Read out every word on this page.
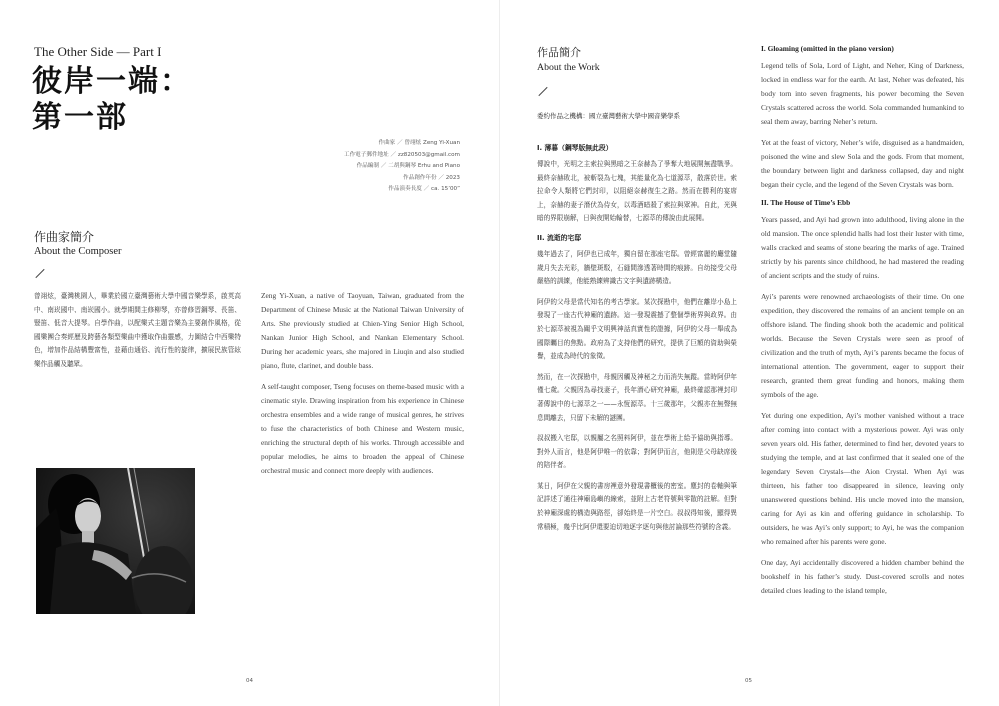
The Other Side — Part I
彼岸一端：
第一部
作曲家 ／ 曾翊炫 Zeng Yi-Xuan
工作電子郵件地址 ／ zz820503@gmail.com
作品編制 ／ 二胡與鋼琴 Erhu and Piano
作品創作年份 ／ 2023
作品演奏長度 ／ ca. 15’00”
作曲家簡介
About the Composer
曾翊炫，臺灣桃園人，畢業於國立臺灣藝術大學中國音樂學系，啟英高中、南崁國中、南崁國小。就學期間主修柳琴，亦曾修習鋼琴、長笛、豎笛、低音大提琴。自學作曲，以配樂式主題音樂為主要創作風格，從國樂團合奏經歷及跨藝各類型樂曲中獲取作曲靈感，力圖結合中西樂特色，增加作品結構豐富性，並藉由通俗、流行性的旋律，擴展民族管絃樂作品觸及聽眾。

Zeng Yi-Xuan, a native of Taoyuan, Taiwan, graduated from the Department of Chinese Music at the National Taiwan University of Arts. She previously studied at Chien-Ying Senior High School, Nankan Junior High School, and Nankan Elementary School. During her academic years, she majored in Liuqin and also studied piano, flute, clarinet, and double bass.

A self-taught composer, Tseng focuses on theme-based music with a cinematic style. Drawing inspiration from his experience in Chinese orchestra ensembles and a wide range of musical genres, he strives to fuse the characteristics of both Chinese and Western music, enriching the structural depth of his works. Through accessible and popular melodies, he aims to broaden the appeal of Chinese orchestral music and connect more deeply with audiences.

04
作品簡介
About the Work
委約作品之機構：國立臺灣藝術大學中國音樂學系
I. 薄暮（鋼琴版無此段）
傳說中，光明之主索拉與黑暗之王奈赫為了爭奪大地展開無盡戰爭。最終奈赫敗北，被斬裂為七塊，其能量化為七道源萃，散落於世。索拉命令人類將它們封印，以阻絕奈赫復生之路。然而在勝利的宴席上，奈赫的妻子潛伏為侍女，以毒酒暗殺了索拉與眾神。自此，光與暗的界限崩解，日與夜開始輪替，七源萃的傳說由此展開。
II. 流逝的宅邸

幾年過去了，阿伊也已成年，獨自留在那座宅邸。曾經富麗的廳堂隨歲月失去光彩，牆壁斑駁，石縫間滲透著時間的痕跡。自幼接受父母嚴格的訓練，他能熟練辨識古文字與遺跡構造。

阿伊的父母是當代知名的考古學家。某次探勘中，他們在離岸小島上發現了一座古代神廟的遺跡。這一發現震撼了整個學術界與政界。由於七源萃被視為關乎文明興神話真實性的證據，阿伊的父母一舉成為國際矚目的焦點。政府為了支持他們的研究，提供了巨額的資助與榮譽，並成為時代的象徵。

然而，在一次探勘中，母親因觸及神秘之力而消失無蹤。當時阿伊年僅七歲。父親因為尋找妻子，長年潛心研究神廟，最終確認那裡封印著傳說中的七源萃之一——永恆源萃。十三歲那年，父親亦在無聲無息間離去，只留下未解的謎團。

叔叔搬入宅邸，以親屬之名照料阿伊，並在學術上給予協助與指導。對外人而言，他是阿伊唯一的依靠；對阿伊而言，他則是父母缺席後的陪伴者。

某日，阿伊在父親的書房裡意外發現書櫃後的密室。塵封的卷軸與筆記詳述了通往神廟島嶼的線索，並附上古老符號與零散的註解。但對於神廟深處的構造與路徑，卻始終是一片空白。叔叔得知後，顯得異常積極，幾乎比阿伊還要迫切地逐字逐句與他討論那些符號的含義。

I. Gloaming (omitted in the piano version)

Legend tells of Sola, Lord of Light, and Neher, King of Darkness, locked in endless war for the earth. At last, Neher was defeated, his body torn into seven fragments, his power becoming the Seven Crystals scattered across the world. Sola commanded humankind to seal them away, barring Neher’s return.

Yet at the feast of victory, Neher’s wife, disguised as a handmaiden, poisoned the wine and slew Sola and the gods. From that moment, the boundary between light and darkness collapsed, day and night began their cycle, and the legend of the Seven Crystals was born.

II. The House of Time’s Ebb

Years passed, and Ayi had grown into adulthood, living alone in the old mansion. The once splendid halls had lost their luster with time, walls cracked and seams of stone bearing the marks of age. Trained strictly by his parents since childhood, he had mastered the reading of ancient scripts and the study of ruins.

Ayi’s parents were renowned archaeologists of their time. On one expedition, they discovered the remains of an ancient temple on an offshore island. The finding shook both the academic and political worlds. Because the Seven Crystals were seen as proof of civilization and the truth of myth, Ayi’s parents became the focus of international attention. The government, eager to support their research, granted them great funding and honors, making them symbols of the age.

Yet during one expedition, Ayi’s mother vanished without a trace after coming into contact with a mysterious power. Ayi was only seven years old. His father, determined to find her, devoted years to studying the temple, and at last confirmed that it sealed one of the legendary Seven Crystals—the Aion Crystal. When Ayi was thirteen, his father too disappeared in silence, leaving only unanswered questions behind. His uncle moved into the mansion, caring for Ayi as kin and offering guidance in scholarship. To outsiders, he was Ayi’s only support; to Ayi, he was the companion who remained after his parents were gone.

One day, Ayi accidentally discovered a hidden chamber behind the bookshelf in his father’s study. Dust-covered scrolls and notes detailed clues leading to the island temple,

05
